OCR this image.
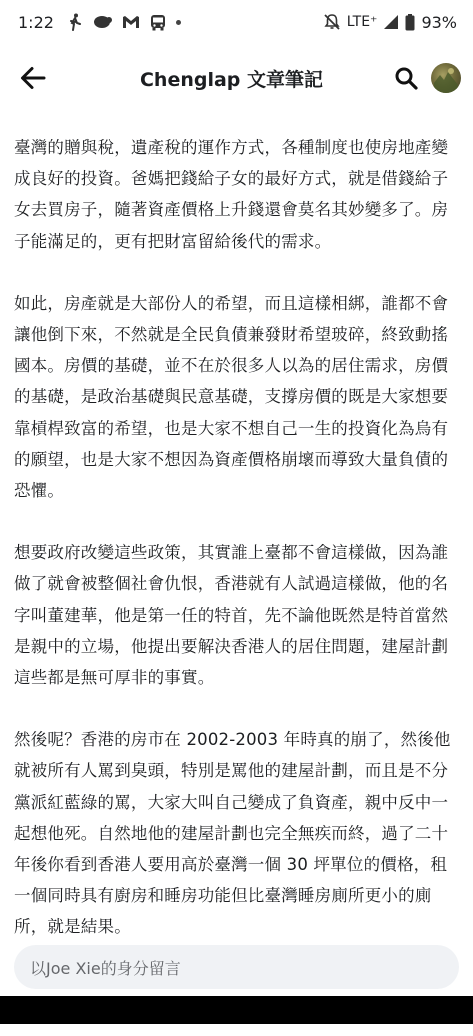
1:22	LTE⁺	93%
Chenglap 文章筆記

臺灣的贈與稅，遺產稅的運作方式，各種制度也使房地產變成良好的投資。爸媽把錢給子女的最好方式，就是借錢給子女去買房子，隨著資產價格上升錢還會莫名其妙變多了。房子能滿足的，更有把財富留給後代的需求。

如此，房產就是大部份人的希望，而且這樣相綁，誰都不會讓他倒下來，不然就是全民負債兼發財希望玻碎，終致動搖國本。房價的基礎，並不在於很多人以為的居住需求，房價的基礎，是政治基礎與民意基礎，支撐房價的既是大家想要靠槓桿致富的希望，也是大家不想自己一生的投資化為烏有的願望，也是大家不想因為資產價格崩壞而導致大量負債的恐懼。

想要政府改變這些政策，其實誰上臺都不會這樣做，因為誰做了就會被整個社會仇恨，香港就有人試過這樣做，他的名字叫董建華，他是第一任的特首，先不論他既然是特首當然是親中的立場，他提出要解決香港人的居住問題，建屋計劃這些都是無可厚非的事實。

然後呢？香港的房市在 2002-2003 年時真的崩了，然後他就被所有人罵到臭頭，特別是罵他的建屋計劃，而且是不分黨派紅藍綠的罵，大家大叫自己變成了負資產，親中反中一起想他死。自然地他的建屋計劃也完全無疾而終，過了二十年後你看到香港人要用高於臺灣一個 30 坪單位的價格，租一個同時具有廚房和睡房功能但比臺灣睡房廁所更小的廁所，就是結果。

以Joe Xie的身分留言
